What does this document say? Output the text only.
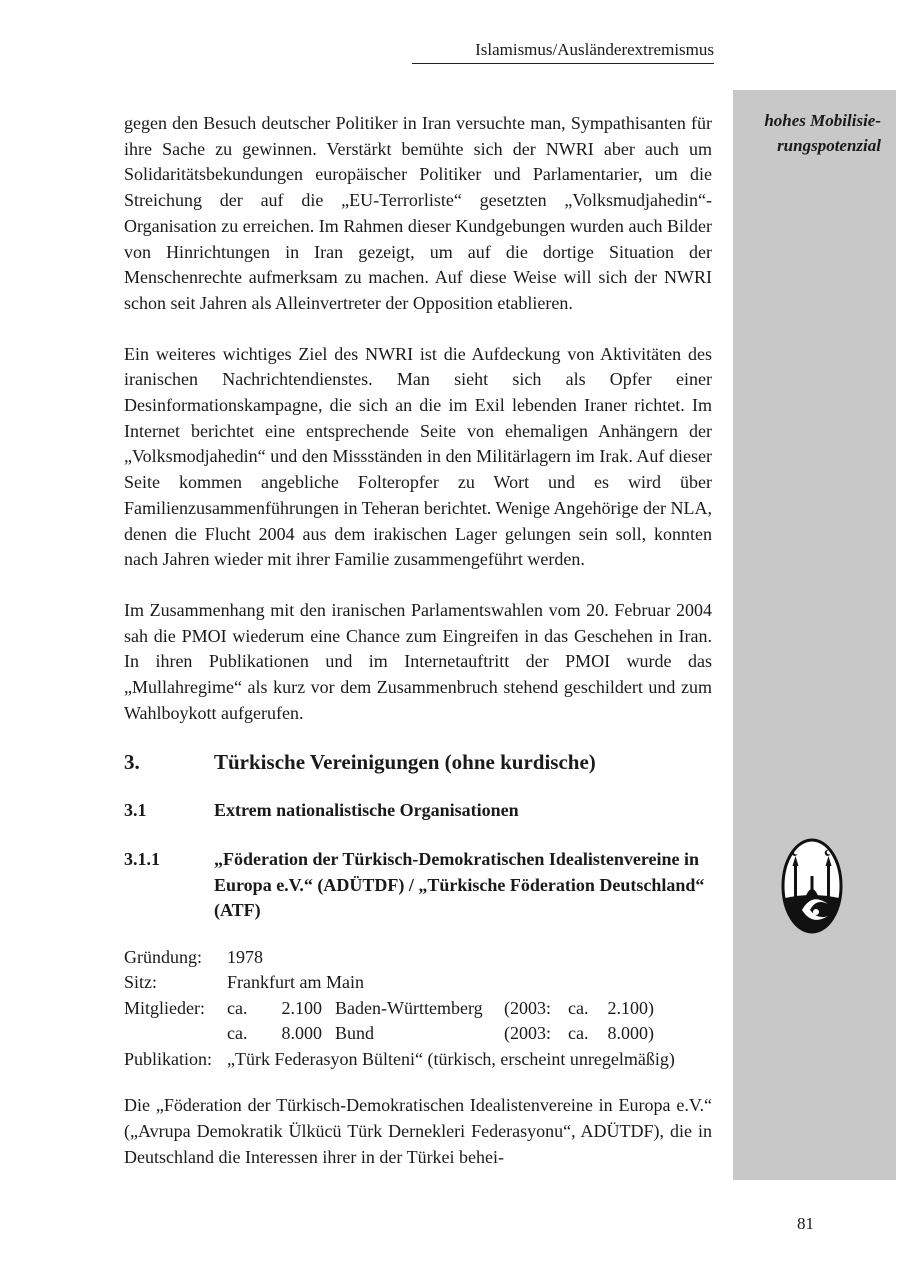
Islamismus/Ausländerextremismus
hohes Mobilisie-rungspotenzial

gegen den Besuch deutscher Politiker in Iran versuchte man, Sympathisanten für ihre Sache zu gewinnen. Verstärkt bemühte sich der NWRI aber auch um Solidaritätsbekundungen europäischer Politiker und Parlamentarier, um die Streichung der auf die „EU-Terrorliste“ gesetzten „Volksmudjahedin“-Organisation zu erreichen. Im Rahmen dieser Kundgebungen wurden auch Bilder von Hinrichtungen in Iran gezeigt, um auf die dortige Situation der Menschenrechte aufmerksam zu machen. Auf diese Weise will sich der NWRI schon seit Jahren als Alleinvertreter der Opposition etablieren.

Ein weiteres wichtiges Ziel des NWRI ist die Aufdeckung von Aktivitäten des iranischen Nachrichtendienstes. Man sieht sich als Opfer einer Desinformationskampagne, die sich an die im Exil lebenden Iraner richtet. Im Internet berichtet eine entsprechende Seite von ehemaligen Anhängern der „Volksmodjahedin“ und den Missständen in den Militärlagern im Irak. Auf dieser Seite kommen angebliche Folteropfer zu Wort und es wird über Familienzusammenführungen in Teheran berichtet. Wenige Angehörige der NLA, denen die Flucht 2004 aus dem irakischen Lager gelungen sein soll, konnten nach Jahren wieder mit ihrer Familie zusammengeführt werden.

Im Zusammenhang mit den iranischen Parlamentswahlen vom 20. Februar 2004 sah die PMOI wiederum eine Chance zum Eingreifen in das Geschehen in Iran. In ihren Publikationen und im Internetauftritt der PMOI wurde das „Mullahregime“ als kurz vor dem Zusammenbruch stehend geschildert und zum Wahlboykott aufgerufen.

3.	Türkische Vereinigungen (ohne kurdische)
3.1	Extrem nationalistische Organisationen
3.1.1	„Föderation der Türkisch-Demokratischen Idealistenvereine in Europa e.V.“ (ADÜTDF) / „Türkische Föderation Deutschland“ (ATF)
Gründung:	1978
Sitz:	Frankfurt am Main
Mitglieder:	ca.	2.100 Baden-Württemberg	(2003: ca.	2.100)
ca.	8.000 Bund	(2003: ca.	8.000)
Publikation: „Türk Federasyon Bülteni“ (türkisch, erscheint unregelmäßig)

Die „Föderation der Türkisch-Demokratischen Idealistenvereine in Europa e.V.“ („Avrupa Demokratik Ülkücü Türk Dernekleri Federasyonu“, ADÜTDF), die in Deutschland die Interessen ihrer in der Türkei behei-

81
